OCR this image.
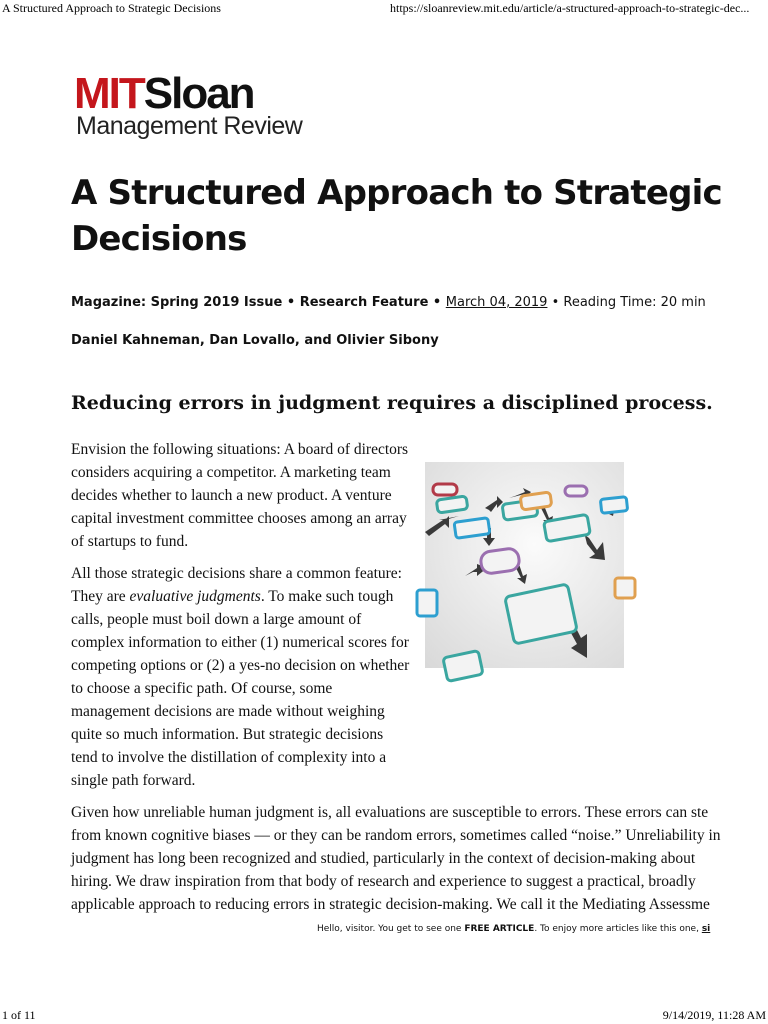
A Structured Approach to Strategic Decisions	https://sloanreview.mit.edu/article/a-structured-approach-to-strategic-dec...
MITSloan
Management Review
A Structured Approach to Strategic
Decisions
Magazine: Spring 2019 Issue • Research Feature • March 04, 2019 • Reading Time: 20 min
Daniel Kahneman, Dan Lovallo, and Olivier Sibony
Reducing errors in judgment requires a disciplined process.
Envision the following situations: A board of directors
considers acquiring a competitor. A marketing team
decides whether to launch a new product. A venture
capital investment committee chooses among an array
of startups to fund.
All those strategic decisions share a common feature:
They are evaluative judgments. To make such tough
calls, people must boil down a large amount of
complex information to either (1) numerical scores for
competing options or (2) a yes-no decision on whether
to choose a specific path. Of course, some
management decisions are made without weighing
quite so much information. But strategic decisions
tend to involve the distillation of complexity into a
single path forward.
Given how unreliable human judgment is, all evaluations are susceptible to errors. These errors can ste
from known cognitive biases — or they can be random errors, sometimes called “noise.” Unreliability in
judgment has long been recognized and studied, particularly in the context of decision-making about
hiring. We draw inspiration from that body of research and experience to suggest a practical, broadly
applicable approach to reducing errors in strategic decision-making. We call it the Mediating Assessme
Hello, visitor. You get to see one FREE ARTICLE. To enjoy more articles like this one, si
1 of 11	9/14/2019, 11:28 AM
